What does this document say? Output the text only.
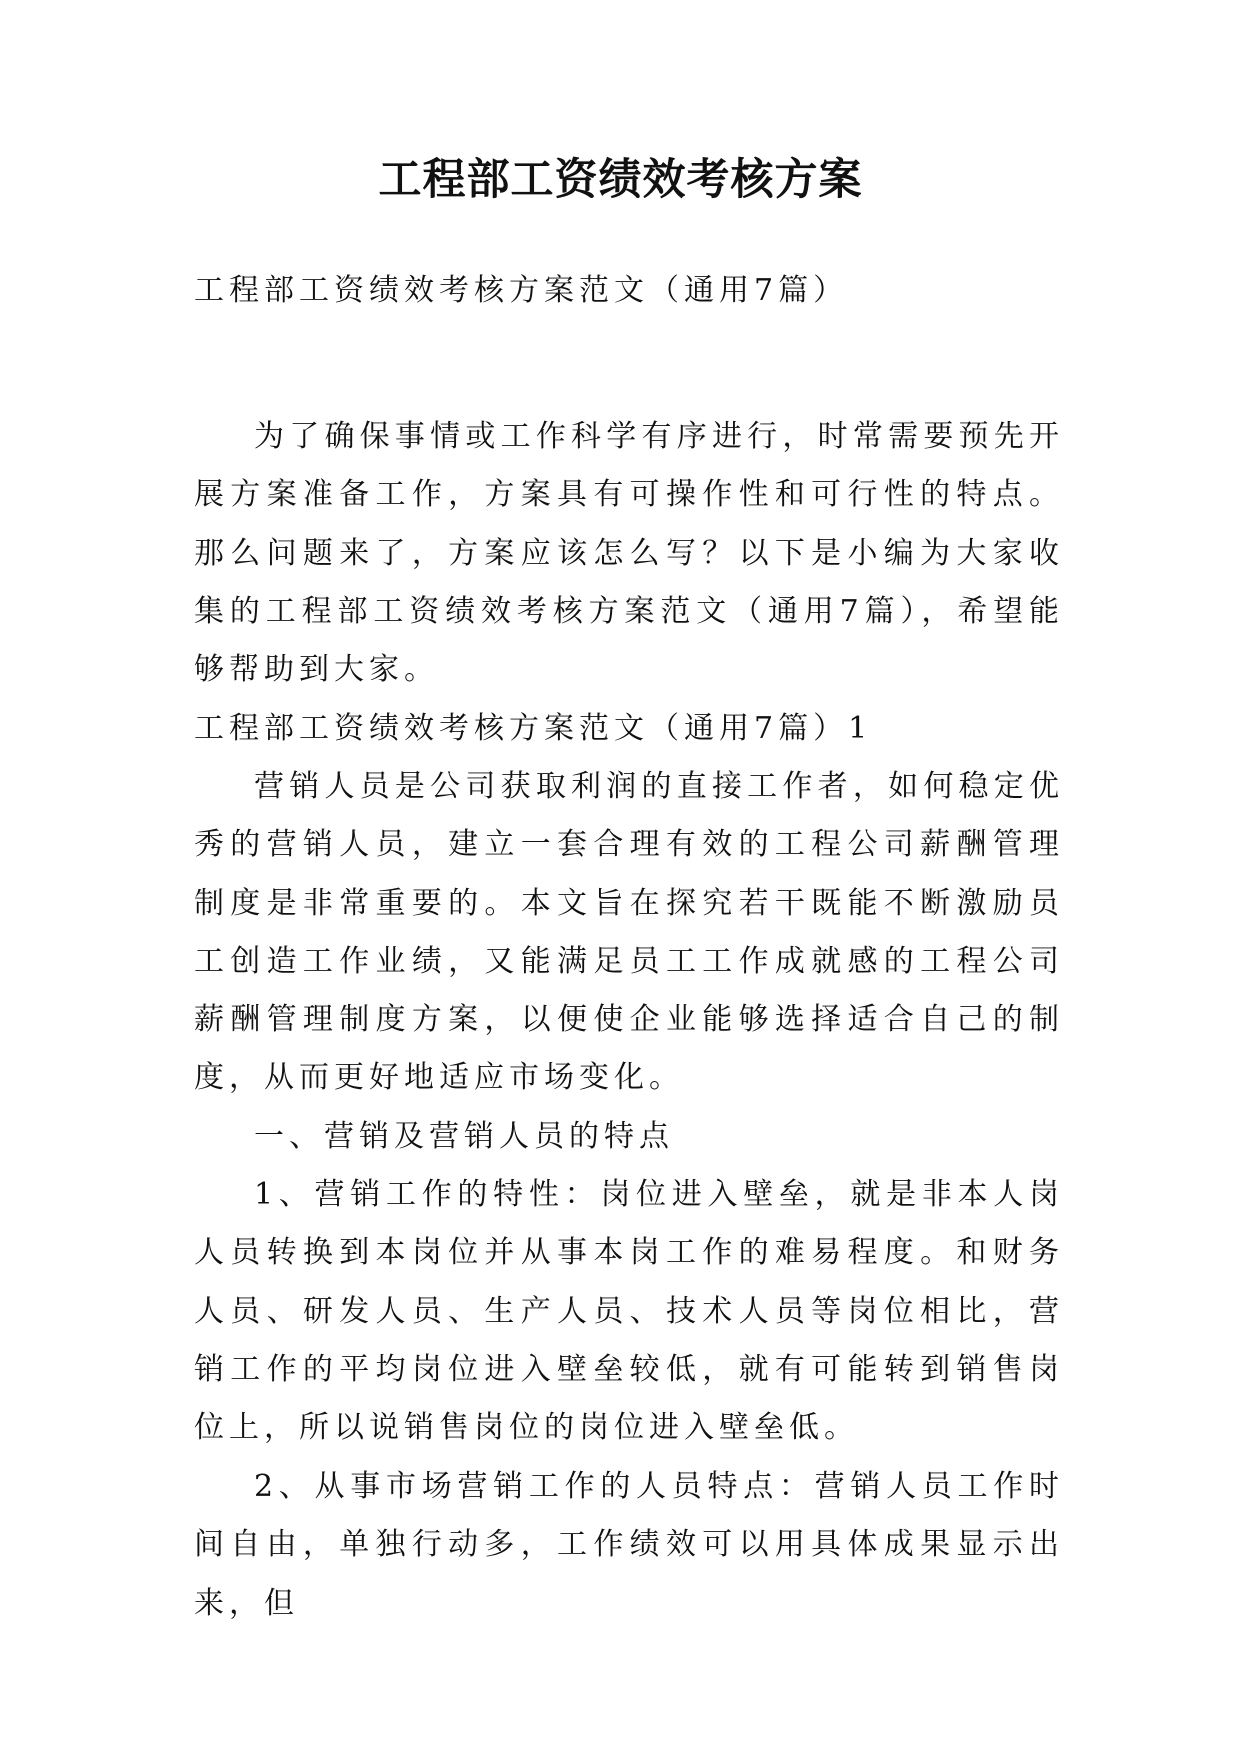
工程部工资绩效考核方案

工程部工资绩效考核方案范文（通用7篇）

为了确保事情或工作科学有序进行，时常需要预先开展方案准备工作，方案具有可操作性和可行性的特点。那么问题来了，方案应该怎么写？以下是小编为大家收集的工程部工资绩效考核方案范文（通用7篇），希望能够帮助到大家。

工程部工资绩效考核方案范文（通用7篇）1

营销人员是公司获取利润的直接工作者，如何稳定优秀的营销人员，建立一套合理有效的工程公司薪酬管理制度是非常重要的。本文旨在探究若干既能不断激励员工创造工作业绩，又能满足员工工作成就感的工程公司薪酬管理制度方案，以便使企业能够选择适合自己的制度，从而更好地适应市场变化。

一、营销及营销人员的特点

1、营销工作的特性：岗位进入壁垒，就是非本人岗人员转换到本岗位并从事本岗工作的难易程度。和财务人员、研发人员、生产人员、技术人员等岗位相比，营销工作的平均岗位进入壁垒较低，就有可能转到销售岗位上，所以说销售岗位的岗位进入壁垒低。

2、从事市场营销工作的人员特点：营销人员工作时间自由，单独行动多，工作绩效可以用具体成果显示出来，但
